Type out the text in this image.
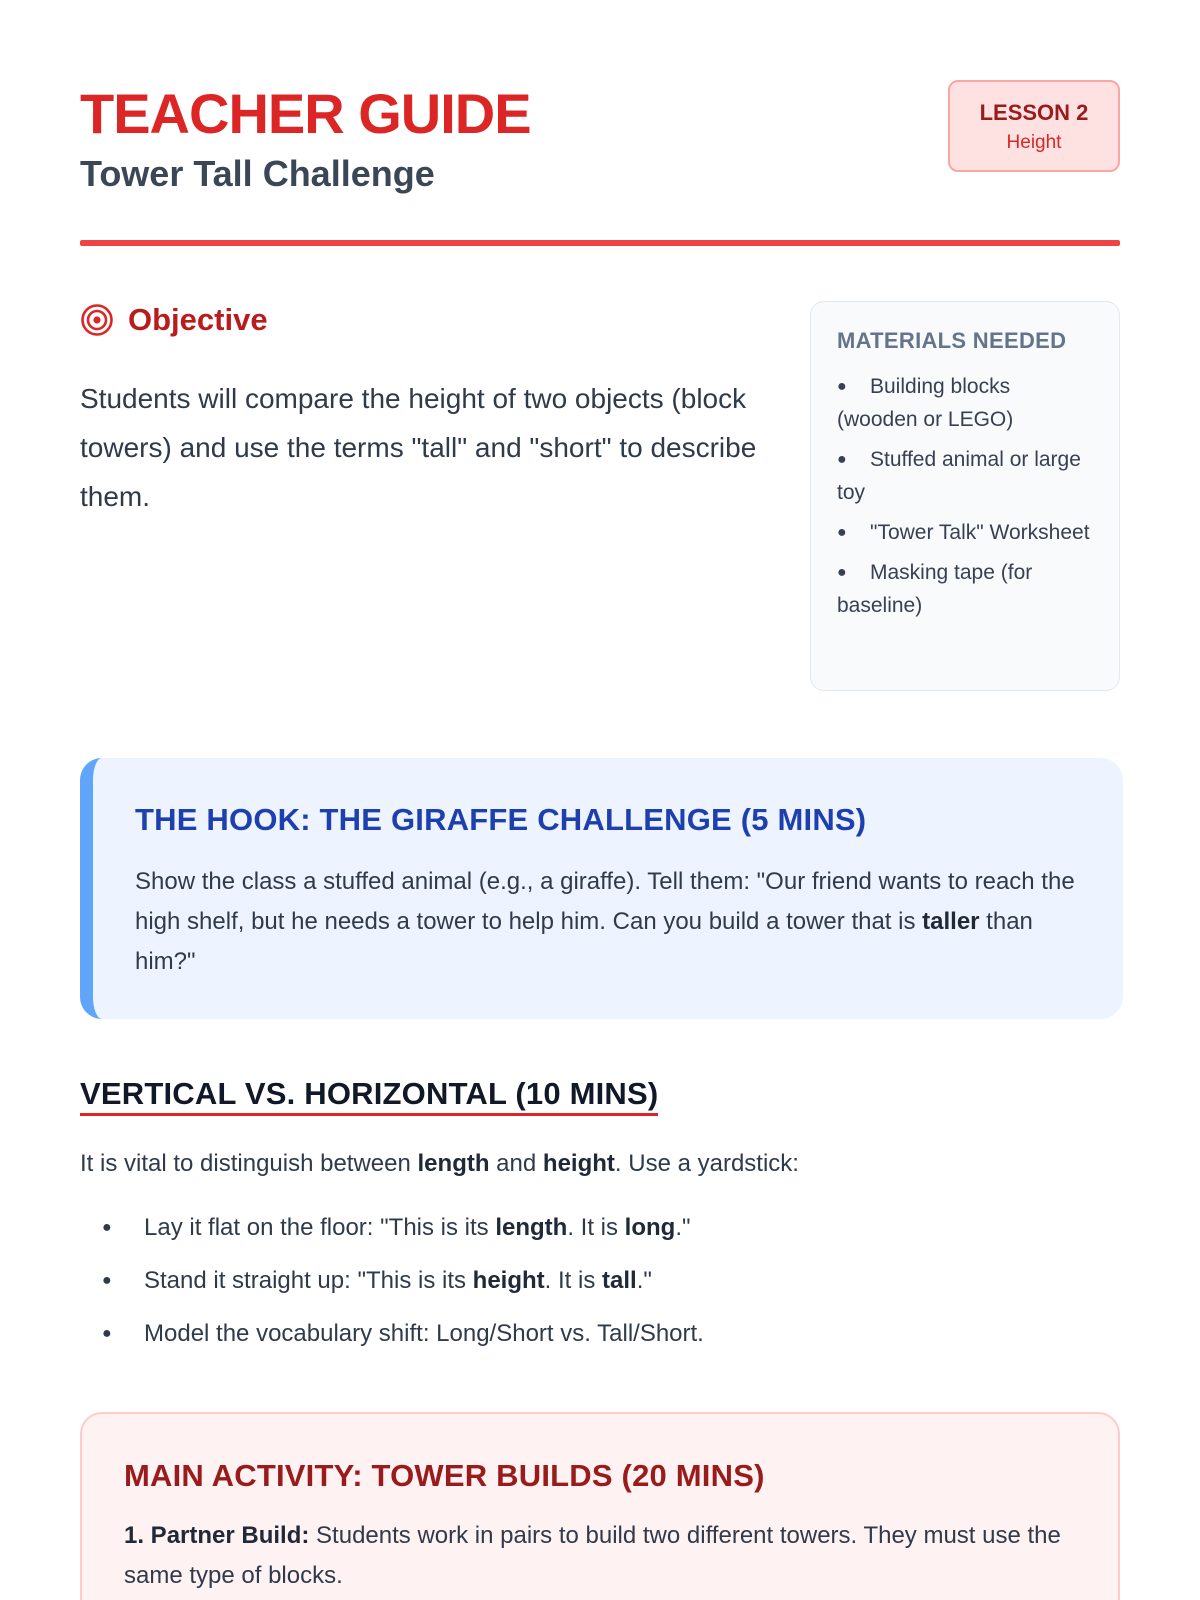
TEACHER GUIDE
Tower Tall Challenge
LESSON 2
Height
Objective

Students will compare the height of two objects (block towers) and use the terms "tall" and "short" to describe them.

MATERIALS NEEDED
● Building blocks (wooden or LEGO)
● Stuffed animal or large toy
● "Tower Talk" Worksheet
● Masking tape (for baseline)
THE HOOK: THE GIRAFFE CHALLENGE (5 MINS)

Show the class a stuffed animal (e.g., a giraffe). Tell them: "Our friend wants to reach the high shelf, but he needs a tower to help him. Can you build a tower that is taller than him?"

VERTICAL VS. HORIZONTAL (10 MINS)

It is vital to distinguish between length and height. Use a yardstick:

● Lay it flat on the floor: "This is its length. It is long."
● Stand it straight up: "This is its height. It is tall."
● Model the vocabulary shift: Long/Short vs. Tall/Short.
MAIN ACTIVITY: TOWER BUILDS (20 MINS)

1. Partner Build: Students work in pairs to build two different towers. They must use the same type of blocks.
